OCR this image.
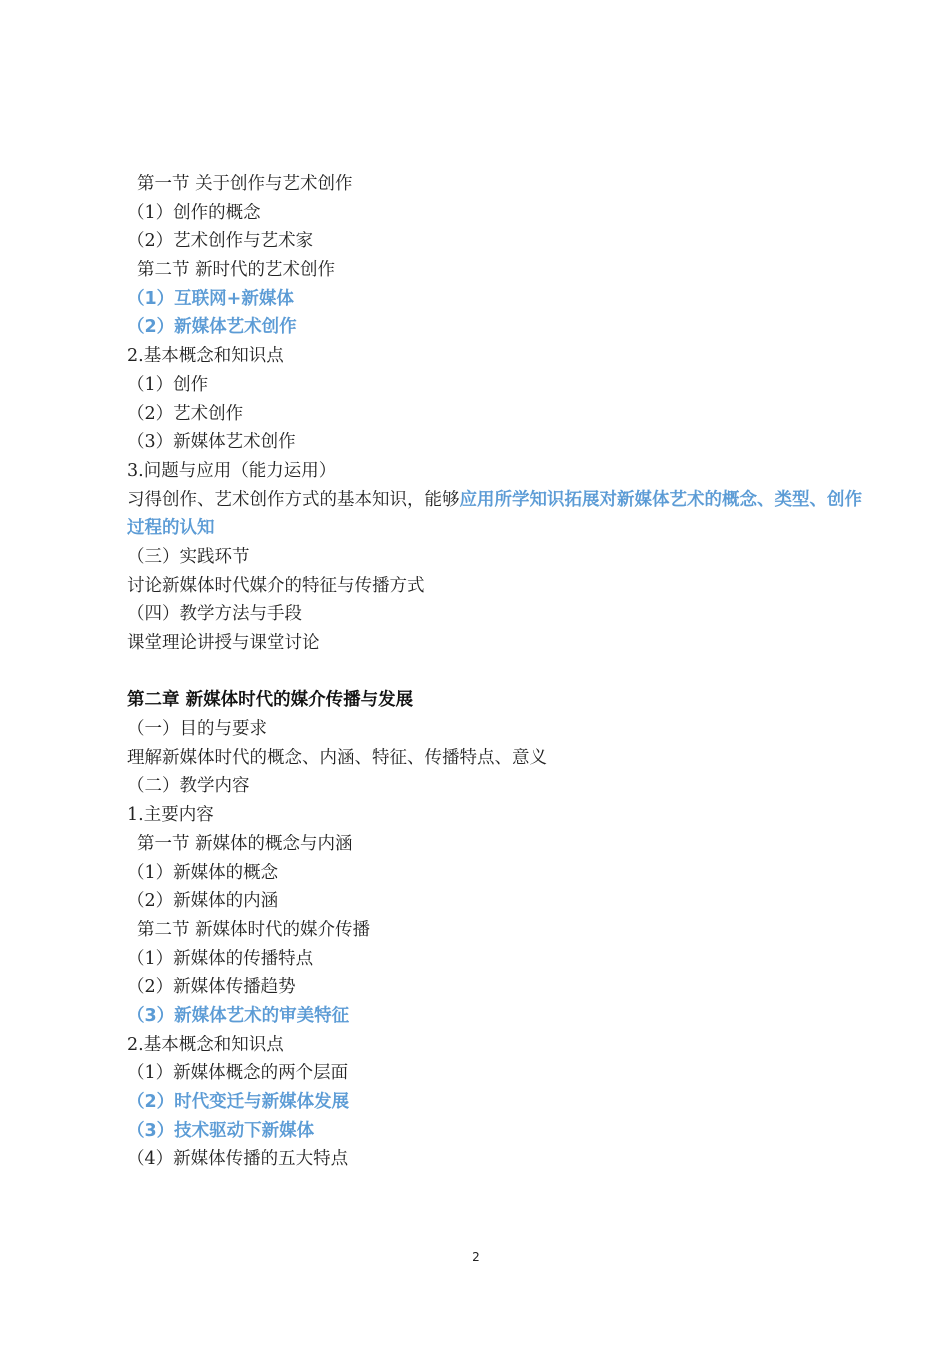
第一节 关于创作与艺术创作
（1）创作的概念
（2）艺术创作与艺术家
第二节 新时代的艺术创作
（1）互联网+新媒体
（2）新媒体艺术创作
2.基本概念和知识点
（1）创作
（2）艺术创作
（3）新媒体艺术创作
3.问题与应用（能力运用）
习得创作、艺术创作方式的基本知识，能够应用所学知识拓展对新媒体艺术的概念、类型、创作过程的认知
（三）实践环节
讨论新媒体时代媒介的特征与传播方式
（四）教学方法与手段
课堂理论讲授与课堂讨论
第二章 新媒体时代的媒介传播与发展
（一）目的与要求
理解新媒体时代的概念、内涵、特征、传播特点、意义
（二）教学内容
1.主要内容
第一节 新媒体的概念与内涵
（1）新媒体的概念
（2）新媒体的内涵
第二节 新媒体时代的媒介传播
（1）新媒体的传播特点
（2）新媒体传播趋势
（3）新媒体艺术的审美特征
2.基本概念和知识点
（1）新媒体概念的两个层面
（2）时代变迁与新媒体发展
（3）技术驱动下新媒体
（4）新媒体传播的五大特点
2
